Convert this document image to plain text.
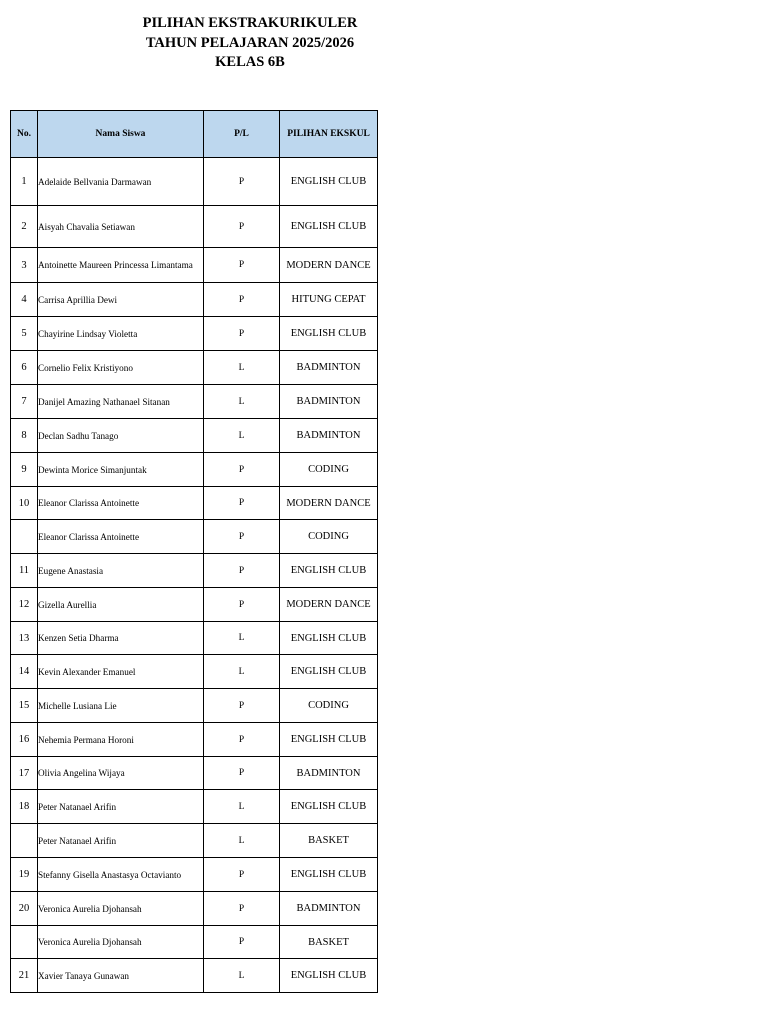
PILIHAN EKSTRAKURIKULER
TAHUN PELAJARAN 2025/2026
KELAS 6B
No.	Nama Siswa	P/L	PILIHAN EKSKUL
1	Adelaide Bellvania Darmawan	P	ENGLISH CLUB
2	Aisyah Chavalia Setiawan	P	ENGLISH CLUB
3	Antoinette Maureen Princessa Limantama	P	MODERN DANCE
4	Carrisa Aprillia Dewi	P	HITUNG CEPAT
5	Chayirine Lindsay Violetta	P	ENGLISH CLUB
6	Cornelio Felix Kristiyono	L	BADMINTON
7	Danijel Amazing Nathanael Sitanan	L	BADMINTON
8	Declan Sadhu Tanago	L	BADMINTON
9	Dewinta Morice Simanjuntak	P	CODING
10	Eleanor Clarissa Antoinette	P	MODERN DANCE
	Eleanor Clarissa Antoinette	P	CODING
11	Eugene Anastasia	P	ENGLISH CLUB
12	Gizella Aurellia	P	MODERN DANCE
13	Kenzen Setia Dharma	L	ENGLISH CLUB
14	Kevin Alexander Emanuel	L	ENGLISH CLUB
15	Michelle Lusiana Lie	P	CODING
16	Nehemia Permana Horoni	P	ENGLISH CLUB
17	Olivia Angelina Wijaya	P	BADMINTON
18	Peter Natanael Arifin	L	ENGLISH CLUB
	Peter Natanael Arifin	L	BASKET
19	Stefanny Gisella Anastasya Octavianto	P	ENGLISH CLUB
20	Veronica Aurelia Djohansah	P	BADMINTON
	Veronica Aurelia Djohansah	P	BASKET
21	Xavier Tanaya Gunawan	L	ENGLISH CLUB
